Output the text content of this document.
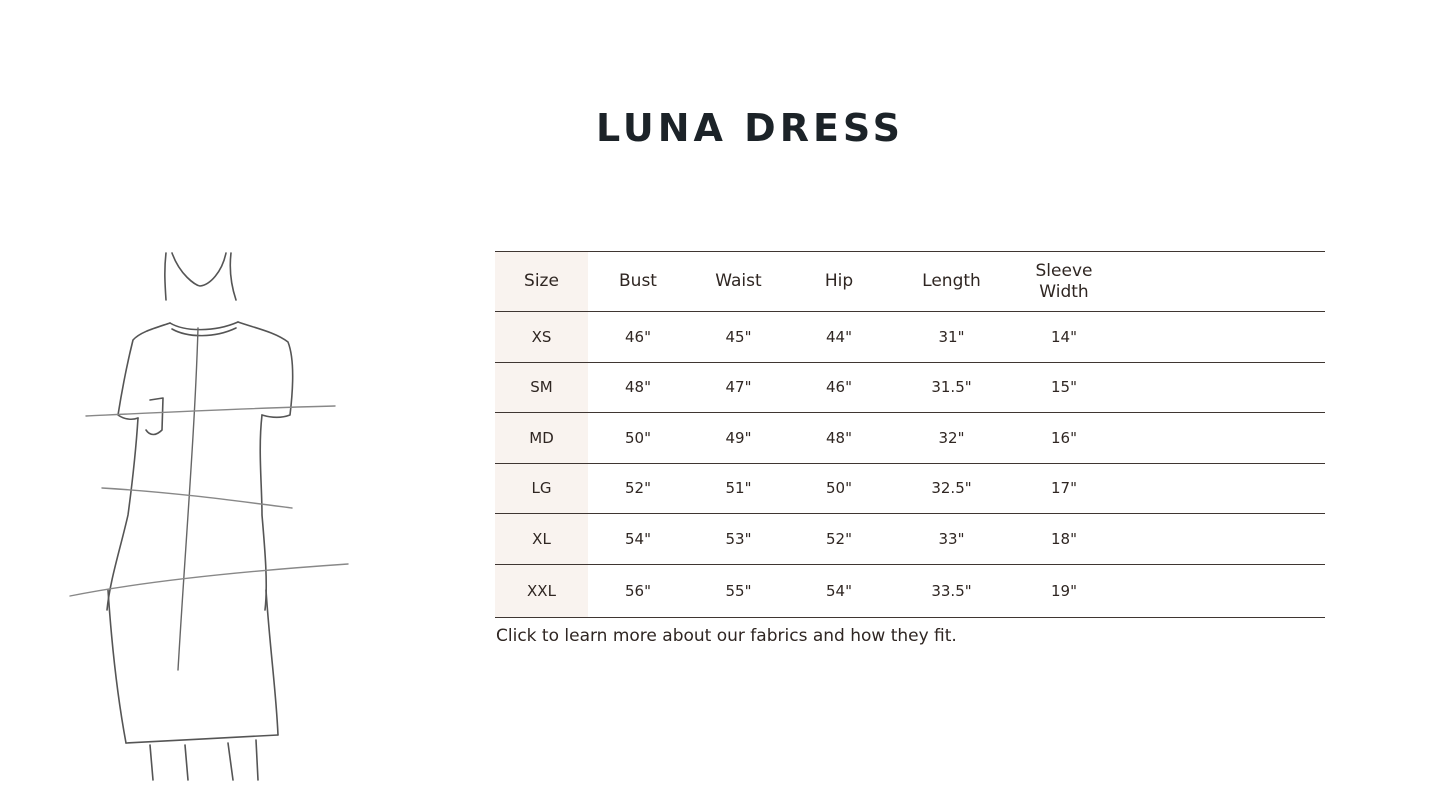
LUNA DRESS
Size	Bust	Waist	Hip	Length	Sleeve Width	
XS	46"	45"	44"	31"	14"	
SM	48"	47"	46"	31.5"	15"	
MD	50"	49"	48"	32"	16"	
LG	52"	51"	50"	32.5"	17"	
XL	54"	53"	52"	33"	18"	
XXL	56"	55"	54"	33.5"	19"	
Click to learn more about our fabrics and how they fit.
